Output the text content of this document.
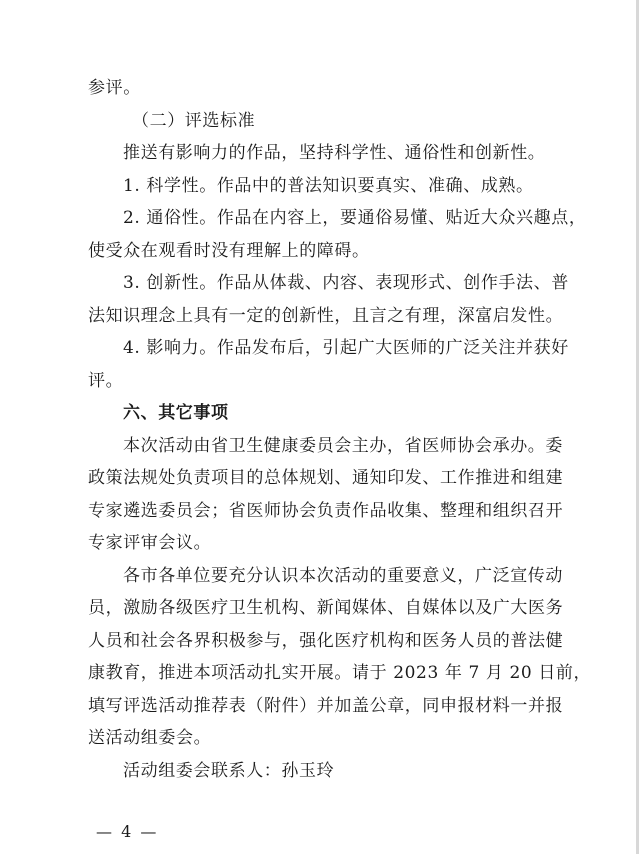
参评。
（二）评选标准
推送有影响力的作品，坚持科学性、通俗性和创新性。
1. 科学性。作品中的普法知识要真实、准确、成熟。
2. 通俗性。作品在内容上，要通俗易懂、贴近大众兴趣点，
使受众在观看时没有理解上的障碍。
3. 创新性。作品从体裁、内容、表现形式、创作手法、普
法知识理念上具有一定的创新性，且言之有理，深富启发性。
4. 影响力。作品发布后，引起广大医师的广泛关注并获好
评。
六、其它事项
本次活动由省卫生健康委员会主办，省医师协会承办。委
政策法规处负责项目的总体规划、通知印发、工作推进和组建
专家遴选委员会；省医师协会负责作品收集、整理和组织召开
专家评审会议。
各市各单位要充分认识本次活动的重要意义，广泛宣传动
员，激励各级医疗卫生机构、新闻媒体、自媒体以及广大医务
人员和社会各界积极参与，强化医疗机构和医务人员的普法健
康教育，推进本项活动扎实开展。请于 2023 年 7 月 20 日前，
填写评选活动推荐表（附件）并加盖公章，同申报材料一并报
送活动组委会。
活动组委会联系人：孙玉玲
— 4 —
